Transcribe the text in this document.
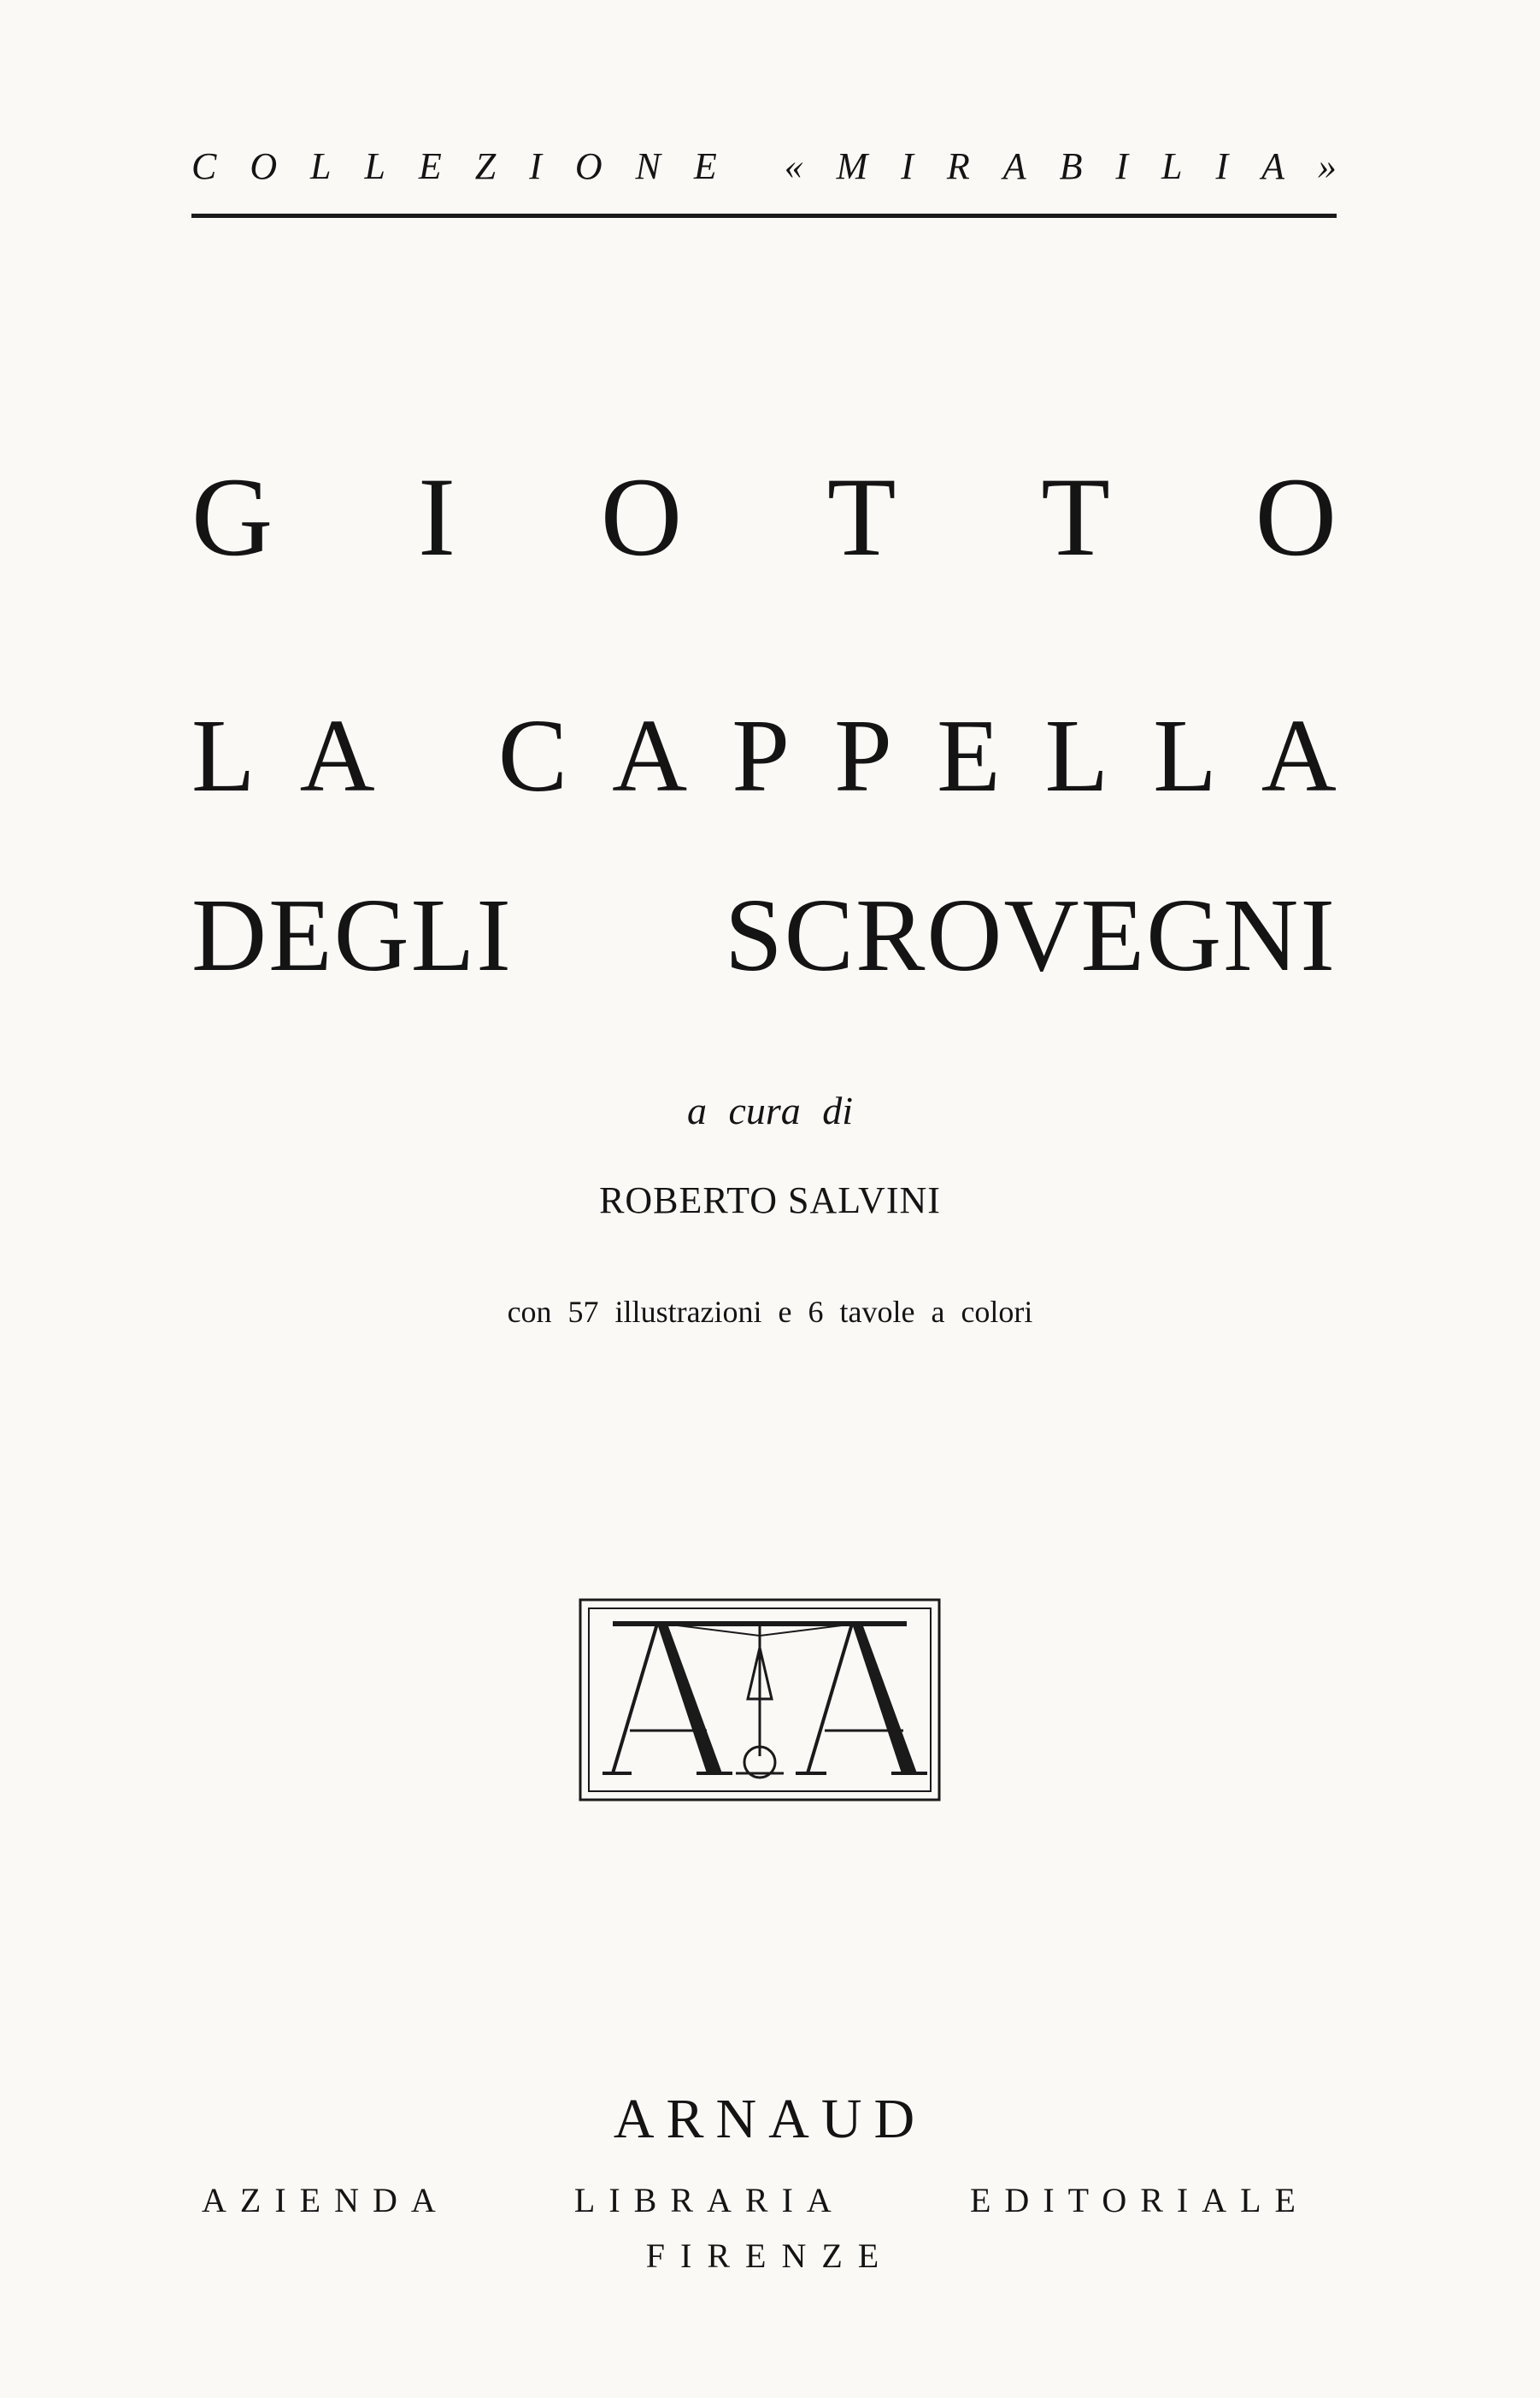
C O L L E Z I O N E « M I R A B I L I A »
G I O T T O
L A C A P P E L L A
DEGLI SCROVEGNI
a cura di
ROBERTO SALVINI
con 57 illustrazioni e 6 tavole a colori
ARNAUD
AZIENDA	LIBRARIA	EDITORIALE
FIRENZE
